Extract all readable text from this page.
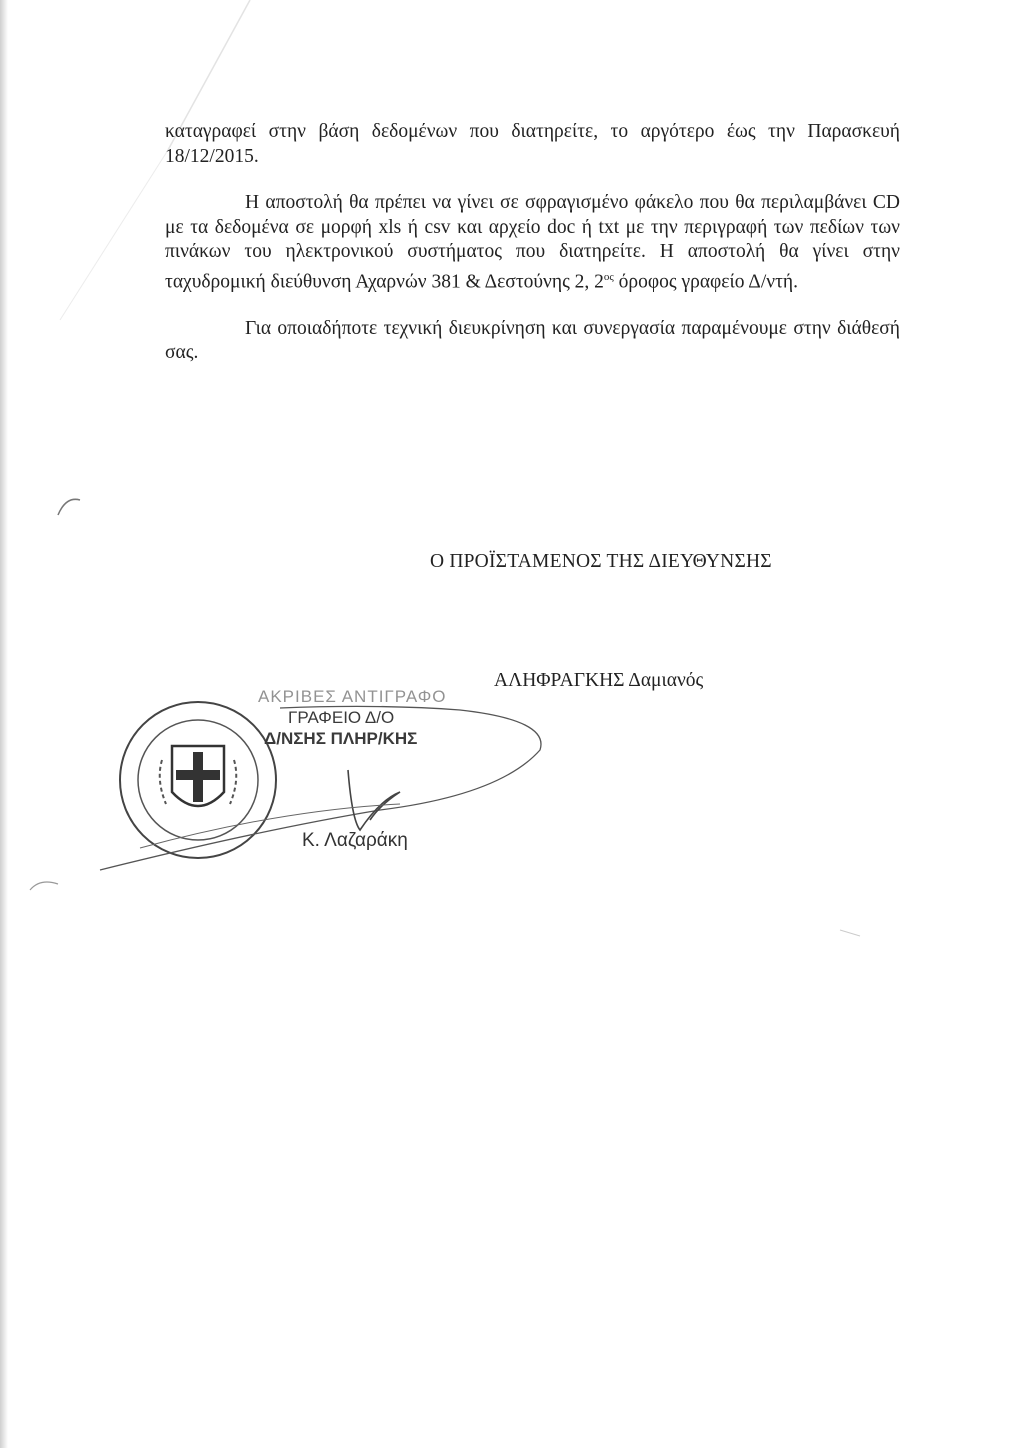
καταγραφεί στην βάση δεδομένων που διατηρείτε, το αργότερο έως την Παρασκευή 18/12/2015.

Η αποστολή θα πρέπει να γίνει σε σφραγισμένο φάκελο που θα περιλαμβάνει CD με τα δεδομένα σε μορφή xls ή csv και αρχείο doc ή txt με την περιγραφή των πεδίων των πινάκων του ηλεκτρονικού συστήματος που διατηρείτε. Η αποστολή θα γίνει στην ταχυδρομική διεύθυνση Αχαρνών 381 & Δεστούνης 2, $2^{o\varsigma}$ όροφος γραφείο Δ/ντή.

Για οποιαδήποτε τεχνική διευκρίνηση και συνεργασία παραμένουμε στην διάθεσή σας.

Ο ΠΡΟΪΣΤΑΜΕΝΟΣ ΤΗΣ ΔΙΕΥΘΥΝΣΗΣ
ΑΛΗΦΡΑΓΚΗΣ Δαμιανός
ΑΚΡΙΒΕΣ ΑΝΤΙΓΡΑΦΟ
ΓΡΑΦΕΙΟ Δ/Ο
Δ/ΝΣΗΣ ΠΛΗΡ/ΚΗΣ
Κ. Λαζαράκη
